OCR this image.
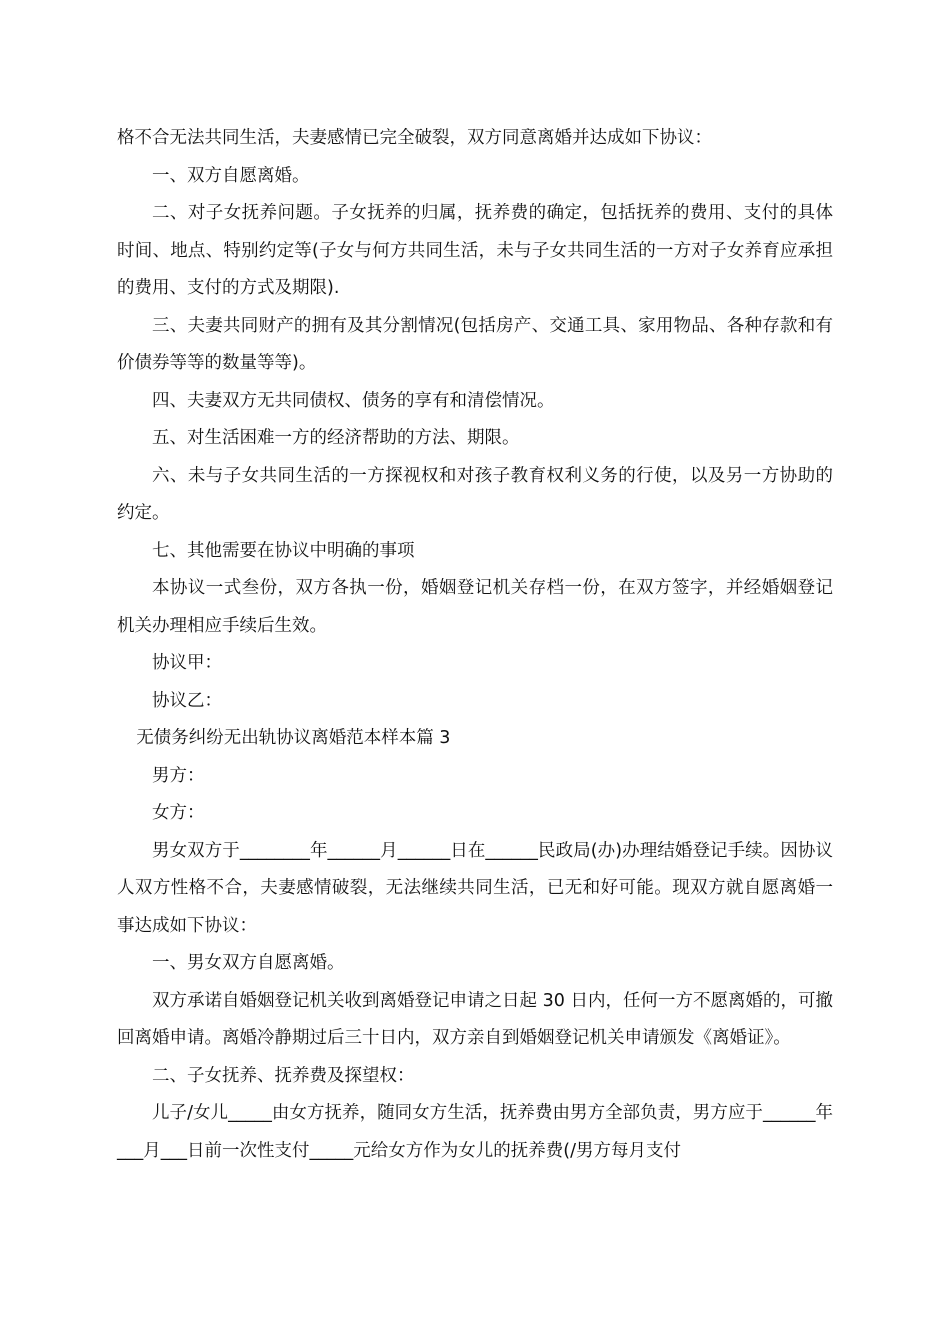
格不合无法共同生活，夫妻感情已完全破裂，双方同意离婚并达成如下协议：

一、双方自愿离婚。

二、对子女抚养问题。子女抚养的归属，抚养费的确定，包括抚养的费用、支付的具体时间、地点、特别约定等(子女与何方共同生活，未与子女共同生活的一方对子女养育应承担的费用、支付的方式及期限).

三、夫妻共同财产的拥有及其分割情况(包括房产、交通工具、家用物品、各种存款和有价债券等等的数量等等)。

四、夫妻双方无共同债权、债务的享有和清偿情况。

五、对生活困难一方的经济帮助的方法、期限。

六、未与子女共同生活的一方探视权和对孩子教育权利义务的行使，以及另一方协助的约定。

七、其他需要在协议中明确的事项

本协议一式叁份，双方各执一份，婚姻登记机关存档一份，在双方签字，并经婚姻登记机关办理相应手续后生效。

协议甲：

协议乙：

无债务纠纷无出轨协议离婚范本样本篇 3

男方：

女方：

男女双方于________年______月______日在______民政局(办)办理结婚登记手续。因协议人双方性格不合，夫妻感情破裂，无法继续共同生活，已无和好可能。现双方就自愿离婚一事达成如下协议：

一、男女双方自愿离婚。

双方承诺自婚姻登记机关收到离婚登记申请之日起 30 日内，任何一方不愿离婚的，可撤回离婚申请。离婚冷静期过后三十日内，双方亲自到婚姻登记机关申请颁发《离婚证》。

二、子女抚养、抚养费及探望权：

儿子/女儿_____由女方抚养，随同女方生活，抚养费由男方全部负责，男方应于______年___月___日前一次性支付_____元给女方作为女儿的抚养费(/男方每月支付
